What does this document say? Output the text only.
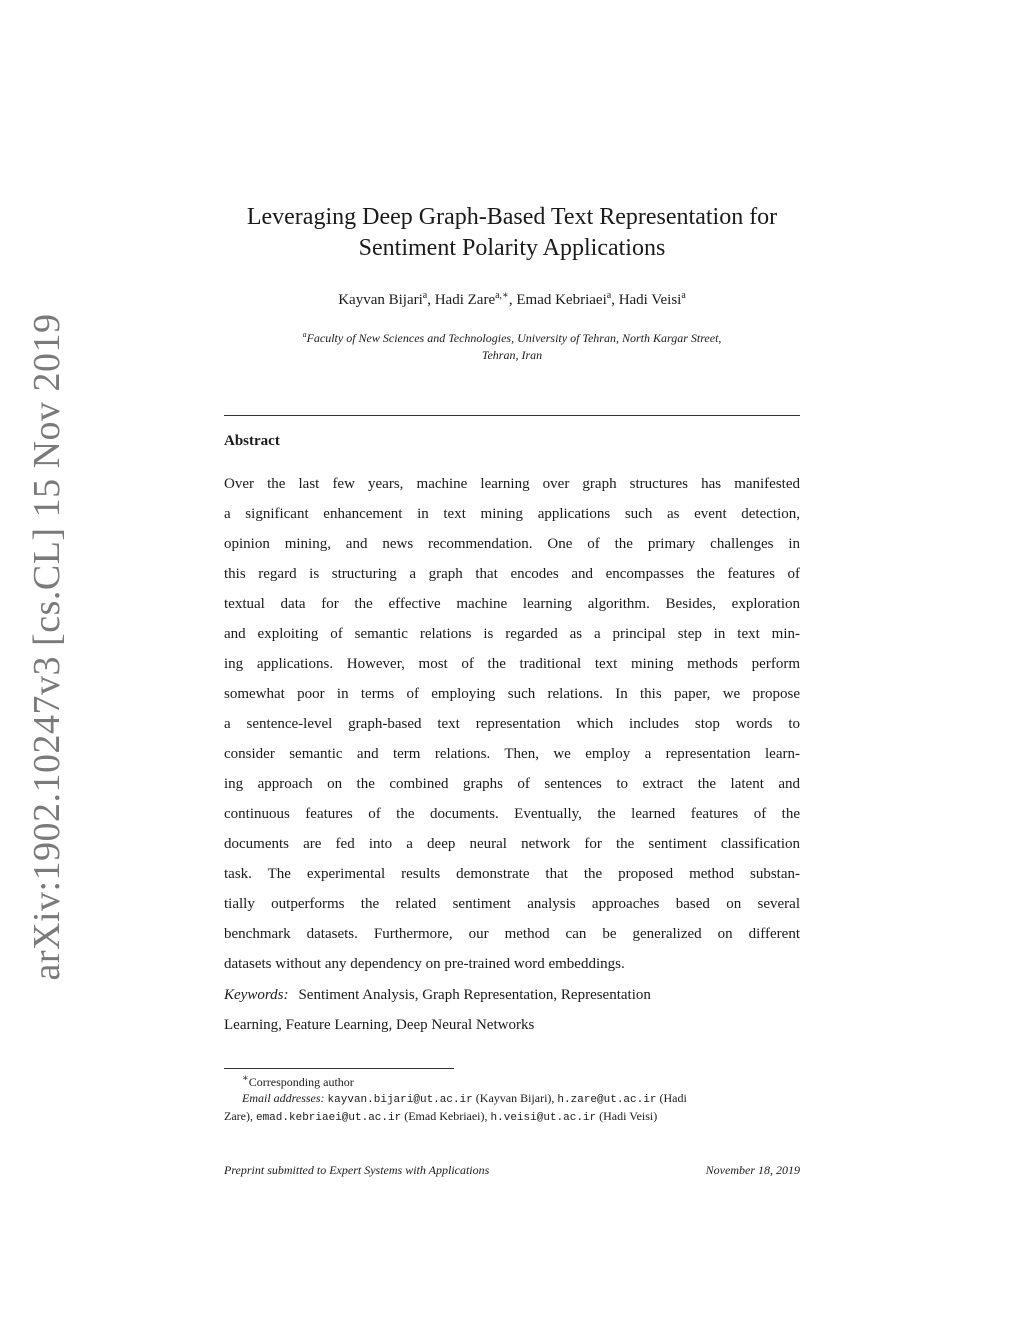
arXiv:1902.10247v3 [cs.CL] 15 Nov 2019
Leveraging Deep Graph-Based Text Representation for
Sentiment Polarity Applications
Kayvan Bijari$^a$, Hadi Zare$^{a,∗}$, Emad Kebriaei$^a$, Hadi Veisi$^a$
$^a$Faculty of New Sciences and Technologies, University of Tehran, North Kargar Street,
Tehran, Iran
Abstract
Over the last few years, machine learning over graph structures has manifested
a significant enhancement in text mining applications such as event detection,
opinion mining, and news recommendation. One of the primary challenges in
this regard is structuring a graph that encodes and encompasses the features of
textual data for the effective machine learning algorithm. Besides, exploration
and exploiting of semantic relations is regarded as a principal step in text min-
ing applications. However, most of the traditional text mining methods perform
somewhat poor in terms of employing such relations. In this paper, we propose
a sentence-level graph-based text representation which includes stop words to
consider semantic and term relations. Then, we employ a representation learn-
ing approach on the combined graphs of sentences to extract the latent and
continuous features of the documents. Eventually, the learned features of the
documents are fed into a deep neural network for the sentiment classification
task. The experimental results demonstrate that the proposed method substan-
tially outperforms the related sentiment analysis approaches based on several
benchmark datasets. Furthermore, our method can be generalized on different
datasets without any dependency on pre-trained word embeddings.
Keywords: Sentiment Analysis, Graph Representation, Representation
Learning, Feature Learning, Deep Neural Networks
∗Corresponding author
Email addresses: kayvan.bijari@ut.ac.ir (Kayvan Bijari), h.zare@ut.ac.ir (Hadi
Zare), emad.kebriaei@ut.ac.ir (Emad Kebriaei), h.veisi@ut.ac.ir (Hadi Veisi)
Preprint submitted to Expert Systems with Applications	November 18, 2019
